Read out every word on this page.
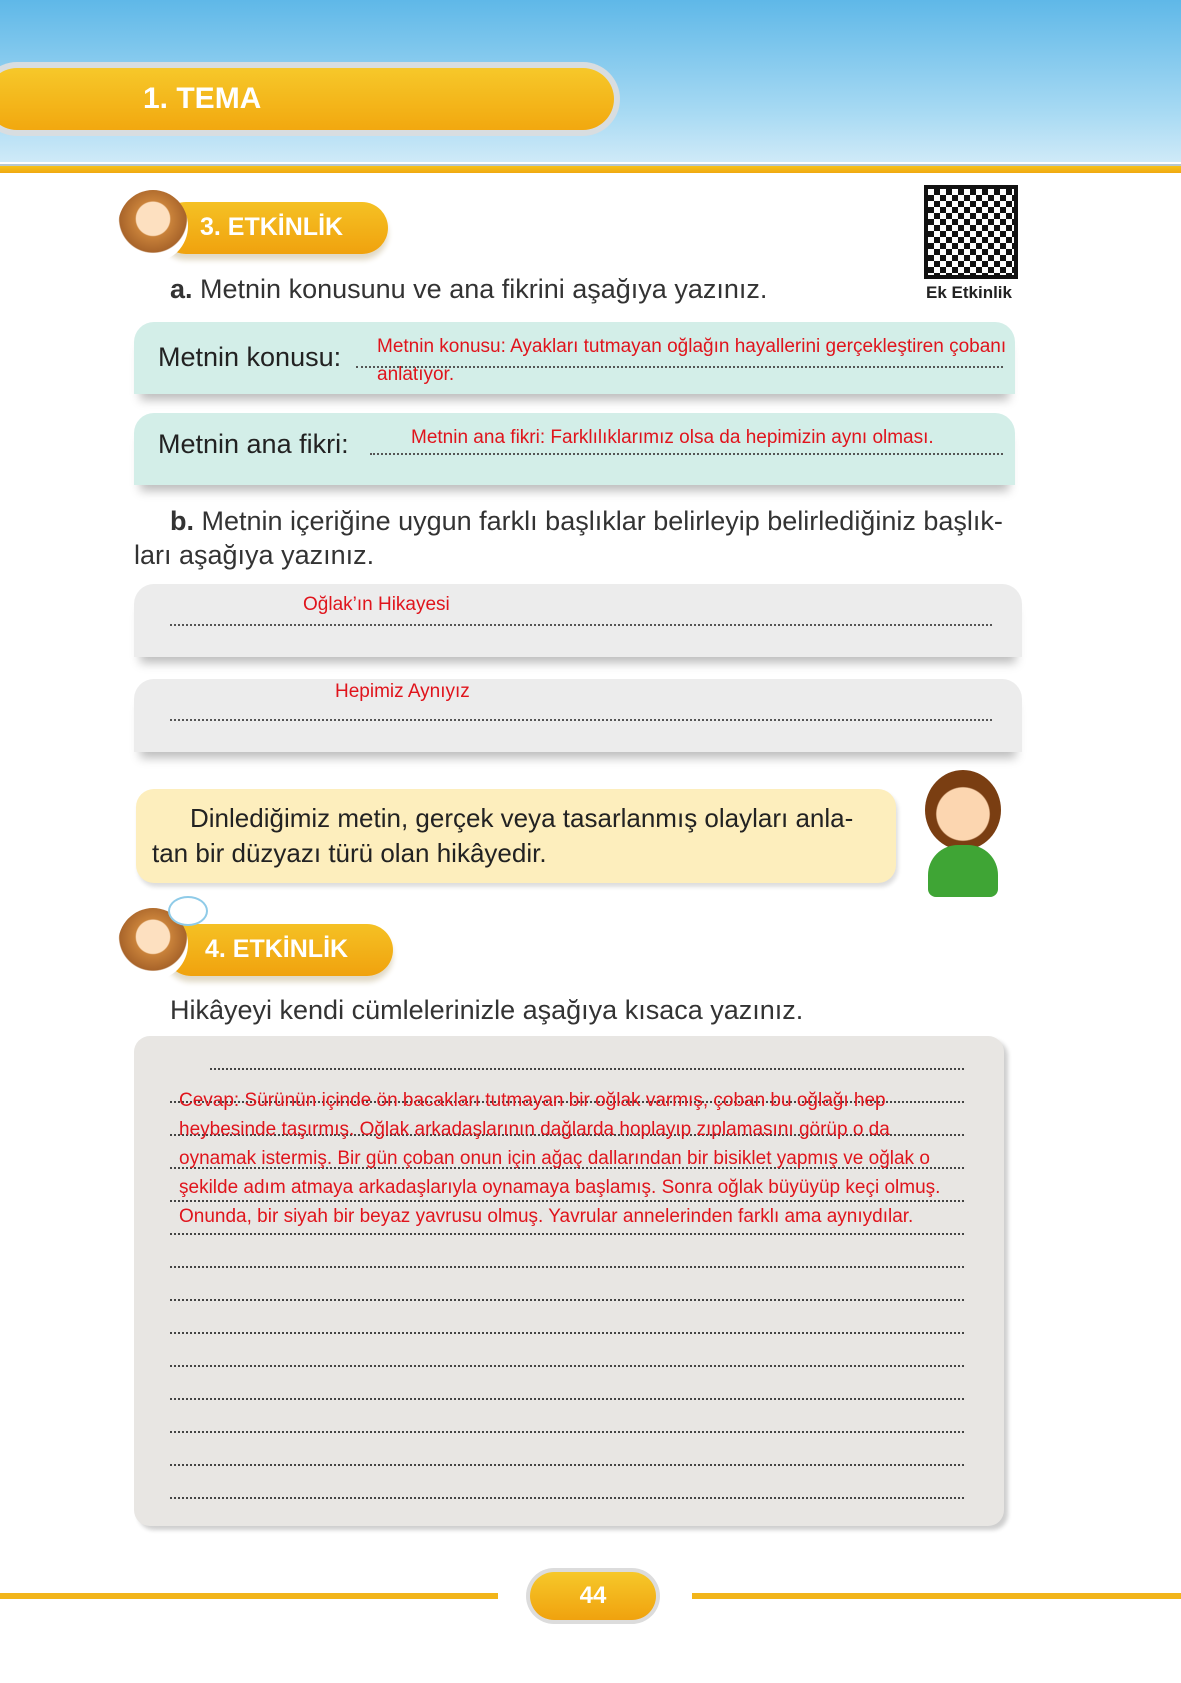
1. TEMA
3. ETKİNLİK
Ek Etkinlik
a. Metnin konusunu ve ana fikrini aşağıya yazınız.
Metnin konusu: Metnin konusu: Ayakları tutmayan oğlağın hayallerini gerçekleştiren çobanı
anlatıyor.
Metnin ana fikri:	Metnin ana fikri: Farklılıklarımız olsa da hepimizin aynı olması.
b. Metnin içeriğine uygun farklı başlıklar belirleyip belirlediğiniz başlık-
ları aşağıya yazınız.
Oğlak’ın Hikayesi
Hepimiz Aynıyız
Dinlediğimiz metin, gerçek veya tasarlanmış olayları anla-
tan bir düzyazı türü olan hikâyedir.
4. ETKİNLİK
Hikâyeyi kendi cümlelerinizle aşağıya kısaca yazınız.
Cevap: Sürünün içinde ön bacakları tutmayan bir oğlak varmış, çoban bu oğlağı hep
heybesinde taşırmış. Oğlak arkadaşlarının dağlarda hoplayıp zıplamasını görüp o da
oynamak istermiş. Bir gün çoban onun için ağaç dallarından bir bisiklet yapmış ve oğlak o
şekilde adım atmaya arkadaşlarıyla oynamaya başlamış. Sonra oğlak büyüyüp keçi olmuş.
Onunda, bir siyah bir beyaz yavrusu olmuş. Yavrular annelerinden farklı ama aynıydılar.
44
